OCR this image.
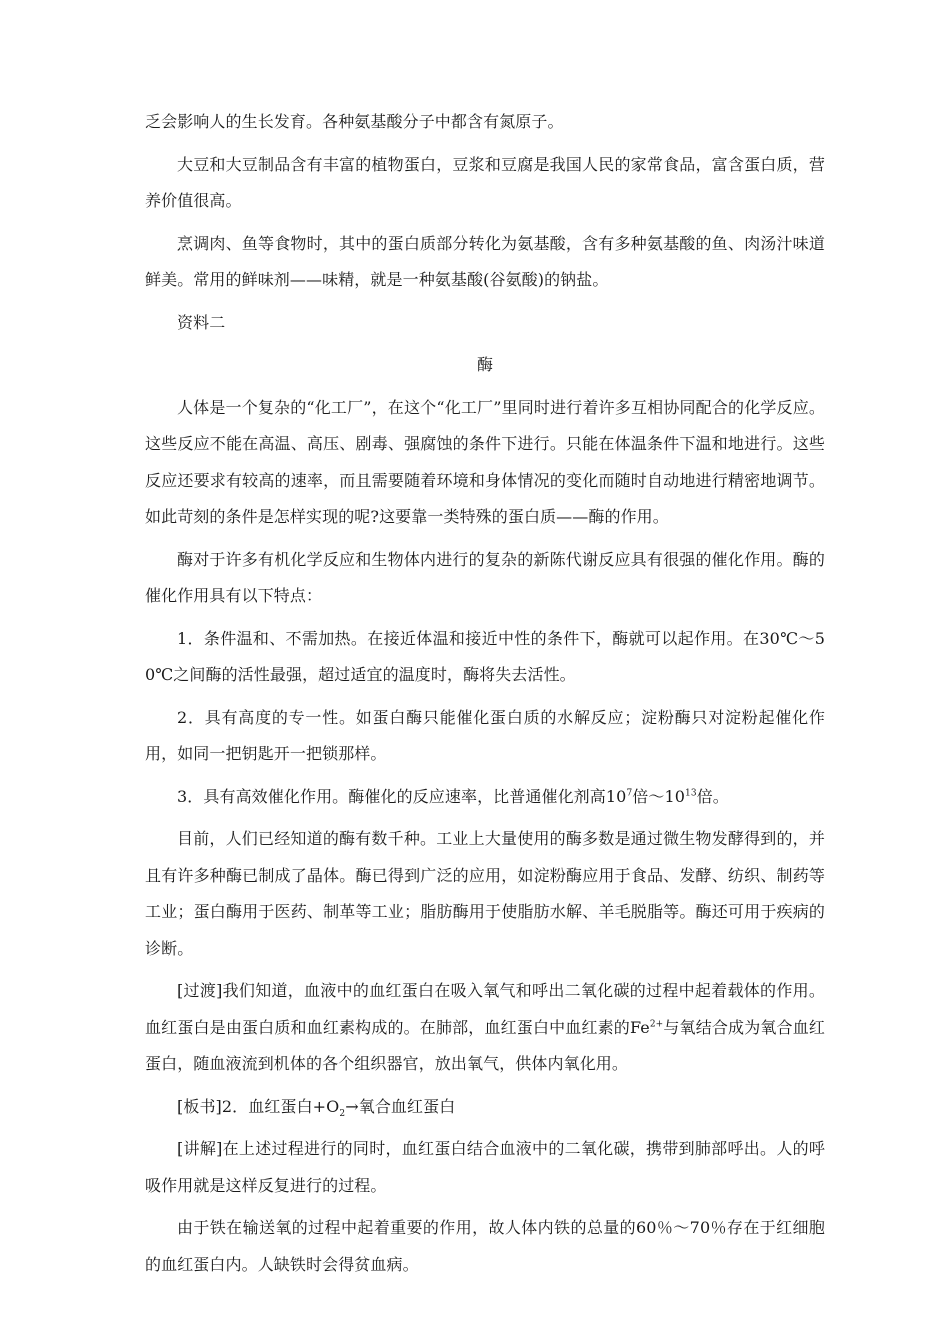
乏会影响人的生长发育。各种氨基酸分子中都含有氮原子。

大豆和大豆制品含有丰富的植物蛋白，豆浆和豆腐是我国人民的家常食品，富含蛋白质，营养价值很高。

烹调肉、鱼等食物时，其中的蛋白质部分转化为氨基酸，含有多种氨基酸的鱼、肉汤汁味道鲜美。常用的鲜味剂——味精，就是一种氨基酸(谷氨酸)的钠盐。

资料二

酶

人体是一个复杂的“化工厂”，在这个“化工厂”里同时进行着许多互相协同配合的化学反应。这些反应不能在高温、高压、剧毒、强腐蚀的条件下进行。只能在体温条件下温和地进行。这些反应还要求有较高的速率，而且需要随着环境和身体情况的变化而随时自动地进行精密地调节。如此苛刻的条件是怎样实现的呢?这要靠一类特殊的蛋白质——酶的作用。

酶对于许多有机化学反应和生物体内进行的复杂的新陈代谢反应具有很强的催化作用。酶的催化作用具有以下特点：

1．条件温和、不需加热。在接近体温和接近中性的条件下，酶就可以起作用。在30℃～50℃之间酶的活性最强，超过适宜的温度时，酶将失去活性。

2．具有高度的专一性。如蛋白酶只能催化蛋白质的水解反应；淀粉酶只对淀粉起催化作用，如同一把钥匙开一把锁那样。

3．具有高效催化作用。酶催化的反应速率，比普通催化剂高$10^7$倍$\sim 10^{13}$倍。

目前，人们已经知道的酶有数千种。工业上大量使用的酶多数是通过微生物发酵得到的，并且有许多种酶已制成了晶体。酶已得到广泛的应用，如淀粉酶应用于食品、发酵、纺织、制药等工业；蛋白酶用于医药、制革等工业；脂肪酶用于使脂肪水解、羊毛脱脂等。酶还可用于疾病的诊断。

[过渡]我们知道，血液中的血红蛋白在吸入氧气和呼出二氧化碳的过程中起着载体的作用。血红蛋白是由蛋白质和血红素构成的。在肺部，血红蛋白中血红素的$Fe^{2+}$与氧结合成为氧合血红蛋白，随血液流到机体的各个组织器官，放出氧气，供体内氧化用。

[板书]2．血红蛋白$+O_2\to$氧合血红蛋白

[讲解]在上述过程进行的同时，血红蛋白结合血液中的二氧化碳，携带到肺部呼出。人的呼吸作用就是这样反复进行的过程。

由于铁在输送氧的过程中起着重要的作用，故人体内铁的总量的60％～70％存在于红细胞的血红蛋白内。人缺铁时会得贫血病。
